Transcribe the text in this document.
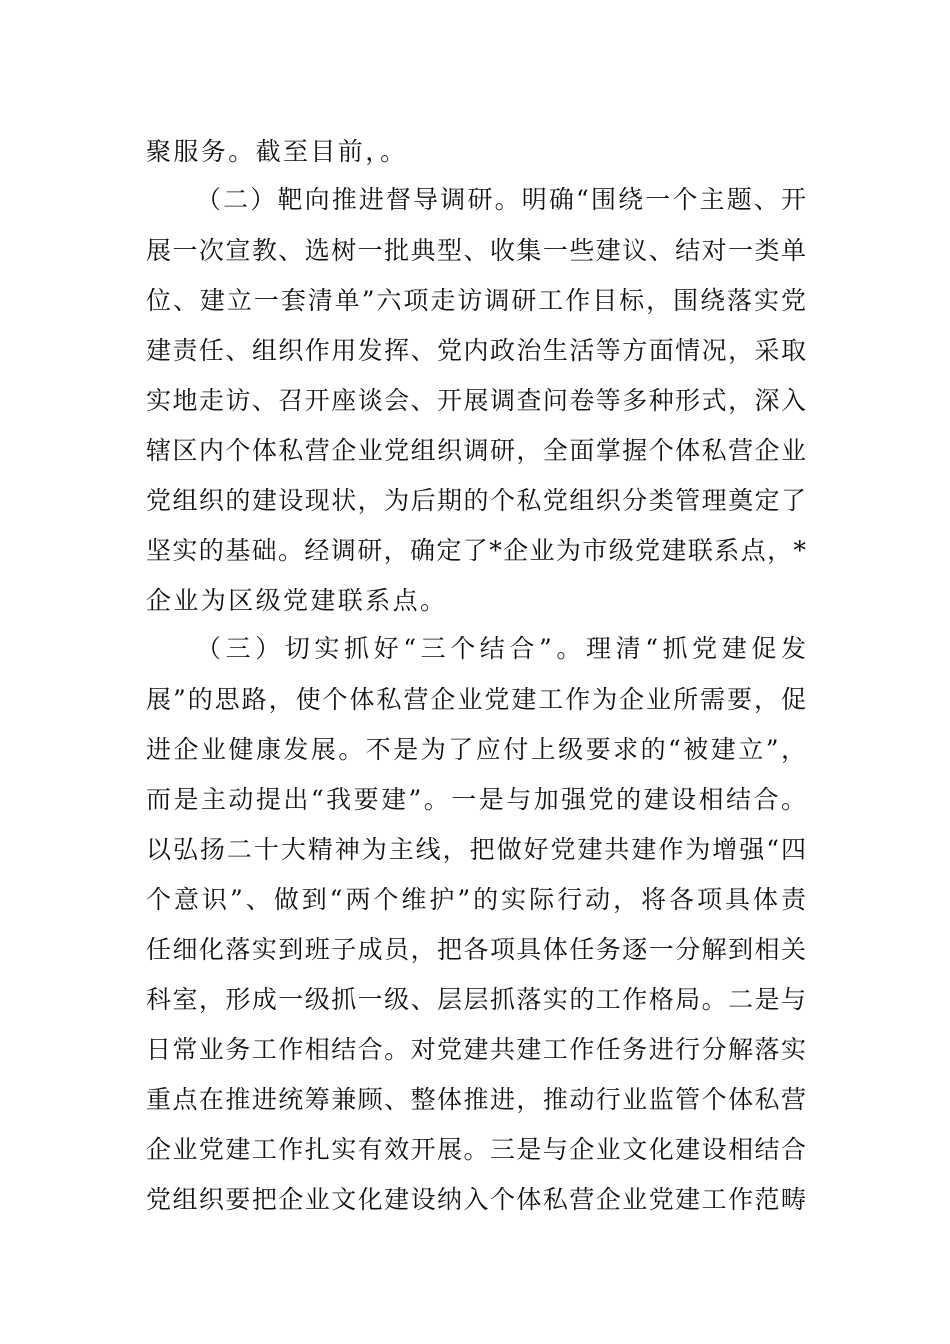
聚服务。截至目前，。
（二）靶向推进督导调研。明确“围绕一个主题、开
展一次宣教、选树一批典型、收集一些建议、结对一类单
位、建立一套清单”六项走访调研工作目标，围绕落实党
建责任、组织作用发挥、党内政治生活等方面情况，采取
实地走访、召开座谈会、开展调查问卷等多种形式，深入
辖区内个体私营企业党组织调研，全面掌握个体私营企业
党组织的建设现状，为后期的个私党组织分类管理奠定了
坚实的基础。经调研，确定了*企业为市级党建联系点，*
企业为区级党建联系点。
（三）切实抓好“三个结合”。理清“抓党建促发
展”的思路，使个体私营企业党建工作为企业所需要，促
进企业健康发展。不是为了应付上级要求的“被建立”，
而是主动提出“我要建”。一是与加强党的建设相结合。
以弘扬二十大精神为主线，把做好党建共建作为增强“四
个意识”、做到“两个维护”的实际行动，将各项具体责
任细化落实到班子成员，把各项具体任务逐一分解到相关
科室，形成一级抓一级、层层抓落实的工作格局。二是与
日常业务工作相结合。对党建共建工作任务进行分解落实
重点在推进统筹兼顾、整体推进，推动行业监管个体私营
企业党建工作扎实有效开展。三是与企业文化建设相结合
党组织要把企业文化建设纳入个体私营企业党建工作范畴
